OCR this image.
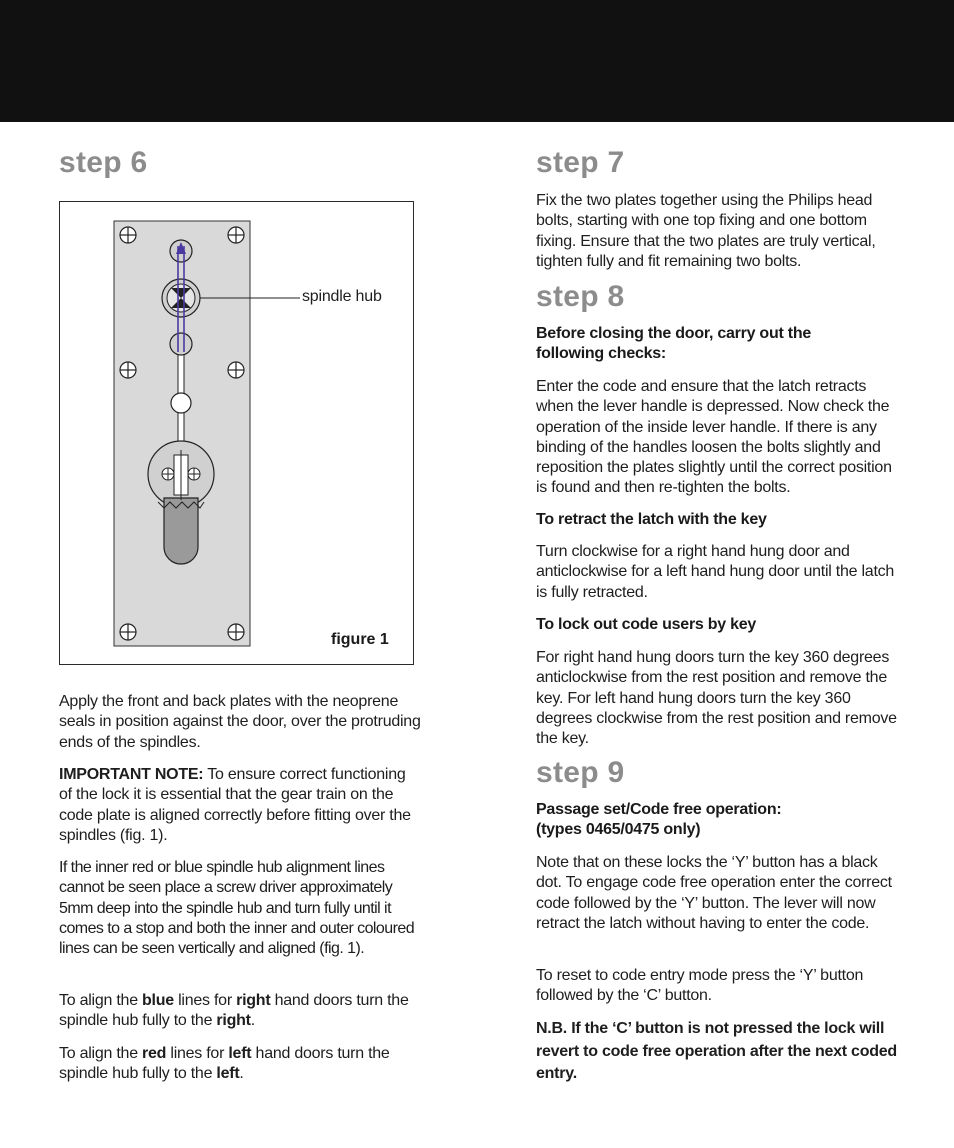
step 6
spindle hub
figure 1

Apply the front and back plates with the neoprene seals in position against the door, over the protruding ends of the spindles.

IMPORTANT NOTE: To ensure correct functioning of the lock it is essential that the gear train on the code plate is aligned correctly before fitting over the spindles (fig. 1).

If the inner red or blue spindle hub alignment lines cannot be seen place a screw driver approximately 5mm deep into the spindle hub and turn fully until it comes to a stop and both the inner and outer coloured lines can be seen vertically and aligned (fig. 1).

To align the blue lines for right hand doors turn the spindle hub fully to the right.

To align the red lines for left hand doors turn the spindle hub fully to the left.

step 7

Fix the two plates together using the Philips head bolts, starting with one top fixing and one bottom fixing. Ensure that the two plates are truly vertical, tighten fully and fit remaining two bolts.

step 8

Before closing the door, carry out the following checks:

Enter the code and ensure that the latch retracts when the lever handle is depressed. Now check the operation of the inside lever handle. If there is any binding of the handles loosen the bolts slightly and reposition the plates slightly until the correct position is found and then re-tighten the bolts.

To retract the latch with the key

Turn clockwise for a right hand hung door and anticlockwise for a left hand hung door until the latch is fully retracted.

To lock out code users by key

For right hand hung doors turn the key 360 degrees anticlockwise from the rest position and remove the key. For left hand hung doors turn the key 360 degrees clockwise from the rest position and remove the key.

step 9

Passage set/Code free operation:
(types 0465/0475 only)

Note that on these locks the ‘Y’ button has a black dot. To engage code free operation enter the correct code followed by the ‘Y’ button. The lever will now retract the latch without having to enter the code.

To reset to code entry mode press the ‘Y’ button followed by the ‘C’ button.

N.B. If the ‘C’ button is not pressed the lock will revert to code free operation after the next coded entry.
